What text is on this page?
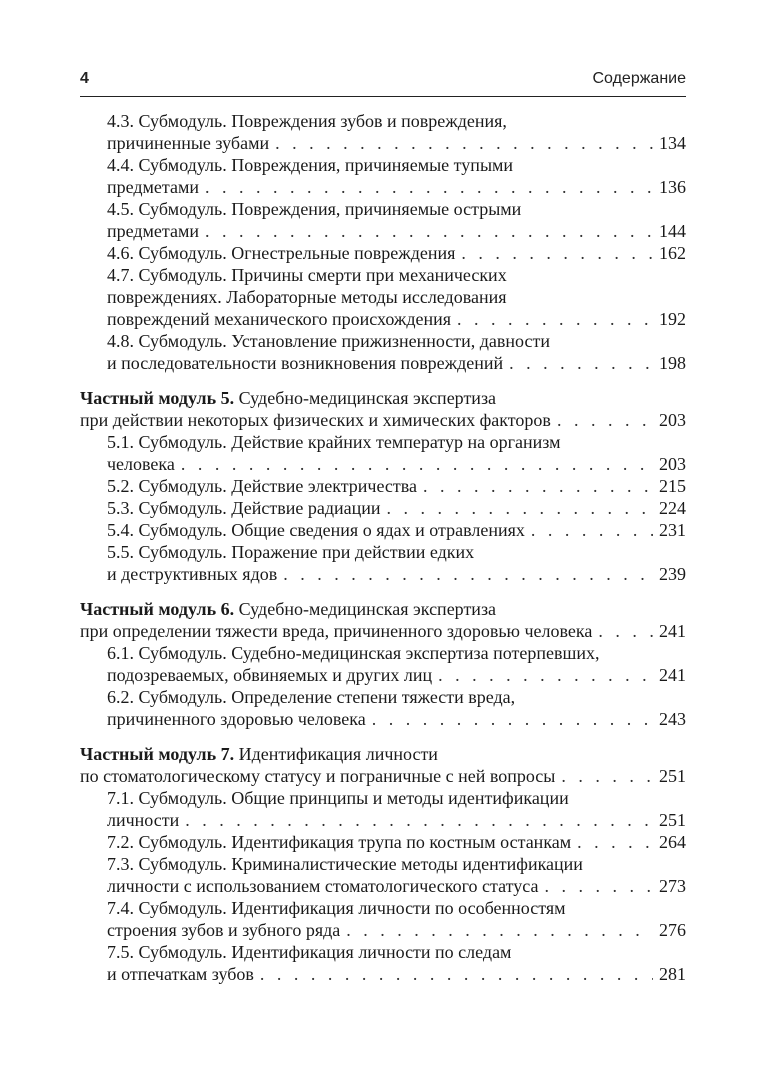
4	Содержание
4.3. Субмодуль. Повреждения зубов и повреждения,
причиненные зубами . . .	134
4.4. Субмодуль. Повреждения, причиняемые тупыми
предметами . . .	136
4.5. Субмодуль. Повреждения, причиняемые острыми
предметами . . .	144
4.6. Субмодуль. Огнестрельные повреждения . . .	162
4.7. Субмодуль. Причины смерти при механических
повреждениях. Лабораторные методы исследования
повреждений механического происхождения . . .	192
4.8. Субмодуль. Установление прижизненности, давности
и последовательности возникновения повреждений . . .	198
Частный модуль 5. Судебно-медицинская экспертиза
при действии некоторых физических и химических факторов . . .	203
5.1. Субмодуль. Действие крайних температур на организм
человека . . .	203
5.2. Субмодуль. Действие электричества . . .	215
5.3. Субмодуль. Действие радиации . . .	224
5.4. Субмодуль. Общие сведения о ядах и отравлениях . . .	231
5.5. Субмодуль. Поражение при действии едких
и деструктивных ядов . . .	239
Частный модуль 6. Судебно-медицинская экспертиза
при определении тяжести вреда, причиненного здоровью человека . . .	241
6.1. Субмодуль. Судебно-медицинская экспертиза потерпевших,
подозреваемых, обвиняемых и других лиц . . .	241
6.2. Субмодуль. Определение степени тяжести вреда,
причиненного здоровью человека . . .	243
Частный модуль 7. Идентификация личности
по стоматологическому статусу и пограничные с ней вопросы . . .	251
7.1. Субмодуль. Общие принципы и методы идентификации
личности . . .	251
7.2. Субмодуль. Идентификация трупа по костным останкам . . .	264
7.3. Субмодуль. Криминалистические методы идентификации
личности с использованием стоматологического статуса . . .	273
7.4. Субмодуль. Идентификация личности по особенностям
строения зубов и зубного ряда . . .	276
7.5. Субмодуль. Идентификация личности по следам
и отпечаткам зубов . . .	281
